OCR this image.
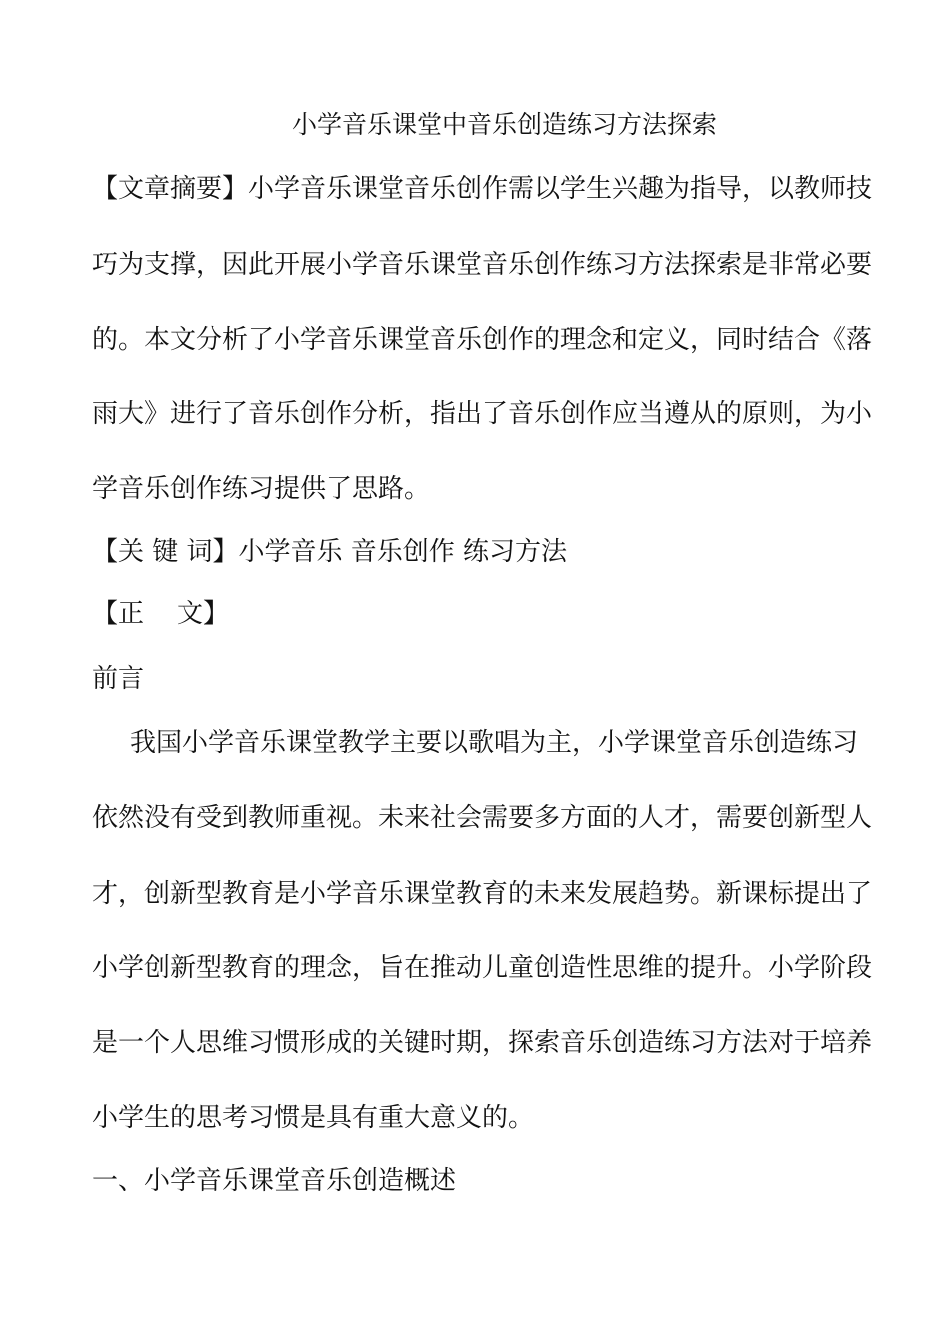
小学音乐课堂中音乐创造练习方法探索

【文章摘要】小学音乐课堂音乐创作需以学生兴趣为指导，以教师技

巧为支撑，因此开展小学音乐课堂音乐创作练习方法探索是非常必要

的。本文分析了小学音乐课堂音乐创作的理念和定义，同时结合《落

雨大》进行了音乐创作分析，指出了音乐创作应当遵从的原则，为小

学音乐创作练习提供了思路。

【关 键 词】小学音乐 音乐创作 练习方法

【正    文】

前言

我国小学音乐课堂教学主要以歌唱为主，小学课堂音乐创造练习

依然没有受到教师重视。未来社会需要多方面的人才，需要创新型人

才，创新型教育是小学音乐课堂教育的未来发展趋势。新课标提出了

小学创新型教育的理念，旨在推动儿童创造性思维的提升。小学阶段

是一个人思维习惯形成的关键时期，探索音乐创造练习方法对于培养

小学生的思考习惯是具有重大意义的。

一、小学音乐课堂音乐创造概述
